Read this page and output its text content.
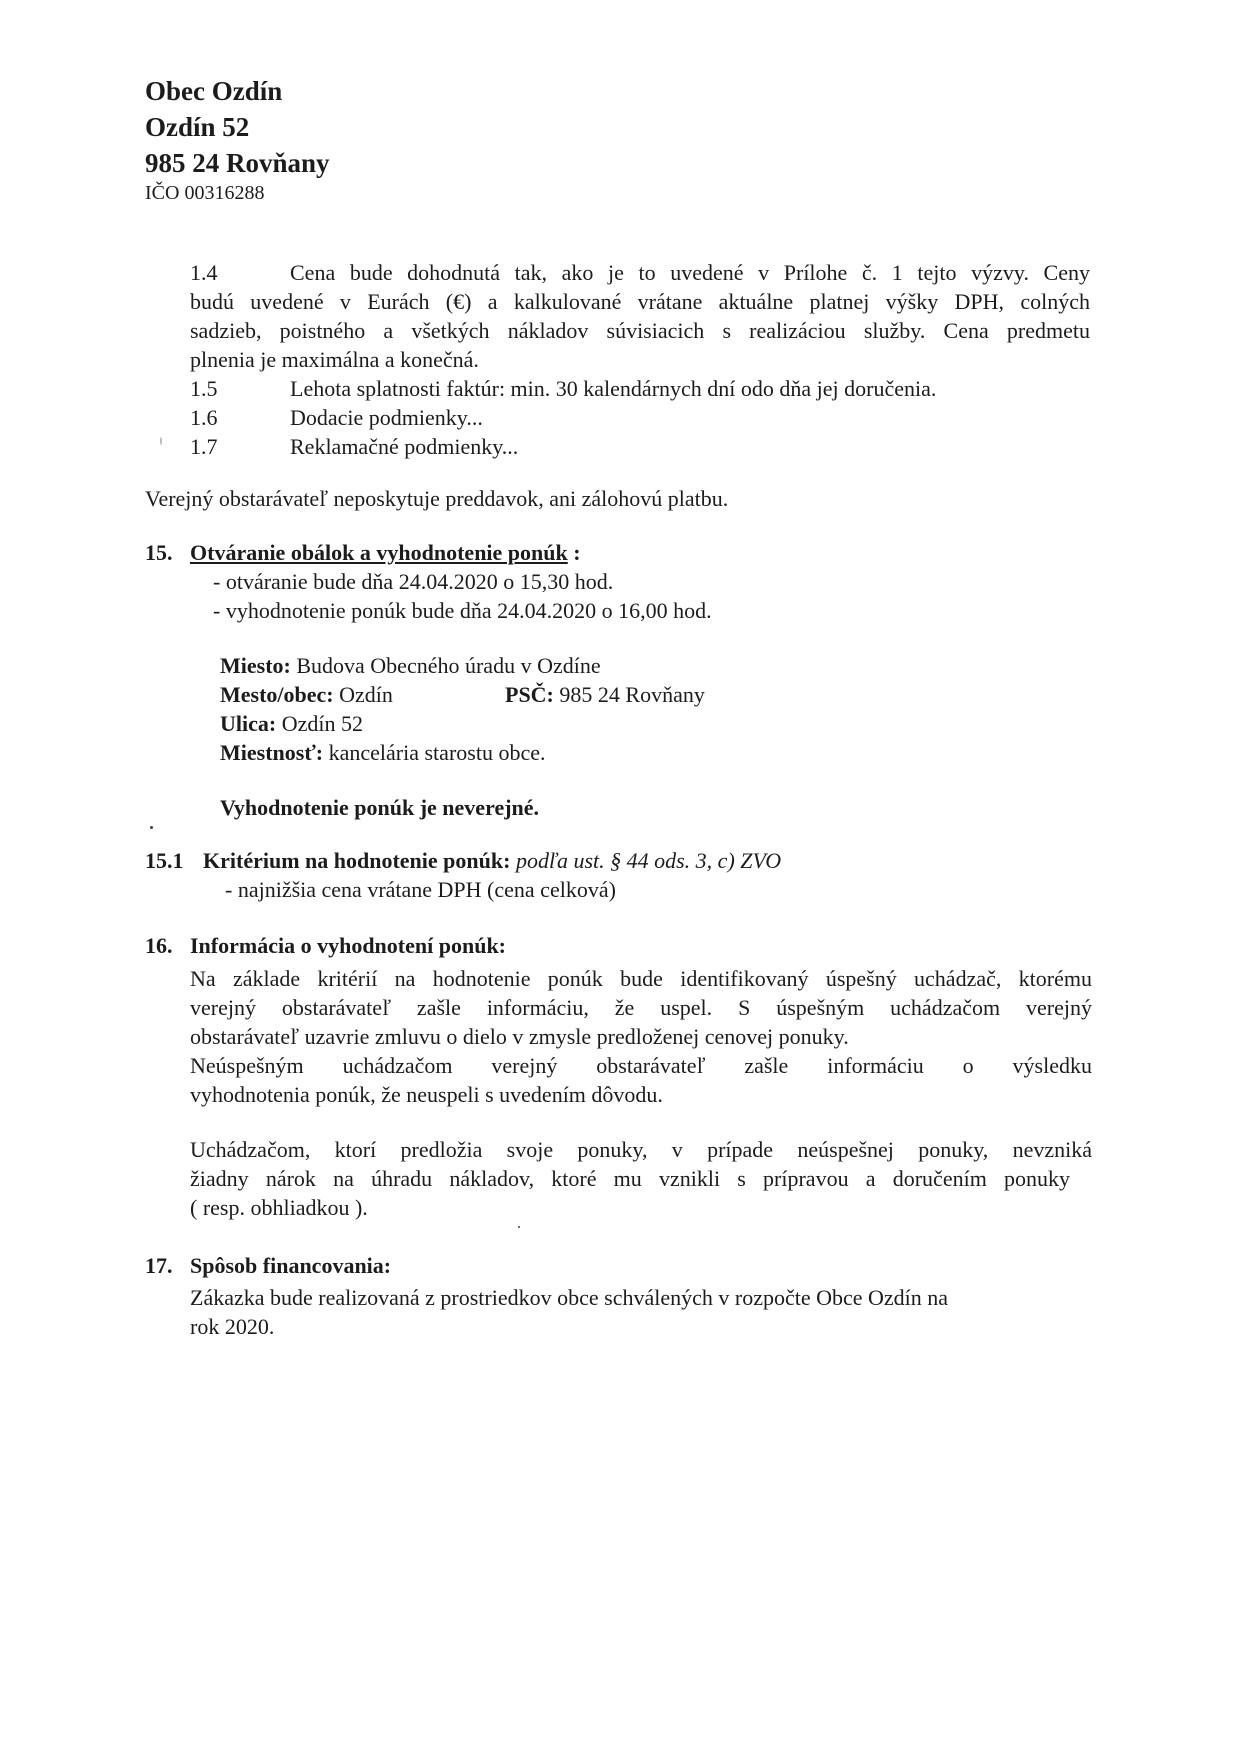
Obec Ozdín
Ozdín 52
985 24 Rovňany
IČO 00316288
1.4	Cena bude dohodnutá tak, ako je to uvedené v Prílohe č. 1 tejto výzvy. Ceny
budú uvedené v Eurách (€) a kalkulované vrátane aktuálne platnej výšky DPH, colných
sadzieb, poistného a všetkých nákladov súvisiacich s realizáciou služby. Cena predmetu
plnenia je maximálna a konečná.
1.5	Lehota splatnosti faktúr: min. 30 kalendárnych dní odo dňa jej doručenia.
1.6	Dodacie podmienky...
1.7	Reklamačné podmienky...
Verejný obstarávateľ neposkytuje preddavok, ani zálohovú platbu.
15. Otváranie obálok a vyhodnotenie ponúk :
- otváranie bude dňa 24.04.2020 o 15,30 hod.
- vyhodnotenie ponúk bude dňa 24.04.2020 o 16,00 hod.
Miesto: Budova Obecného úradu v Ozdíne
Mesto/obec: Ozdín	PSČ: 985 24 Rovňany
Ulica: Ozdín 52
Miestnosť: kancelária starostu obce.
Vyhodnotenie ponúk je neverejné.
15.1 Kritérium na hodnotenie ponúk: podľa ust. § 44 ods. 3, c) ZVO
- najnižšia cena vrátane DPH (cena celková)
16. Informácia o vyhodnotení ponúk:
Na základe kritérií na hodnotenie ponúk bude identifikovaný úspešný uchádzač, ktorému
verejný obstarávateľ zašle informáciu, že uspel. S úspešným uchádzačom verejný
obstarávateľ uzavrie zmluvu o dielo v zmysle predloženej cenovej ponuky.
Neúspešným uchádzačom verejný obstarávateľ zašle informáciu o výsledku
vyhodnotenia ponúk, že neuspeli s uvedením dôvodu.
Uchádzačom, ktorí predložia svoje ponuky, v prípade neúspešnej ponuky, nevzniká
žiadny nárok na úhradu nákladov, ktoré mu vznikli s prípravou a doručením ponuky
( resp. obhliadkou ).
17. Spôsob financovania:
Zákazka bude realizovaná z prostriedkov obce schválených v rozpočte Obce Ozdín na
rok 2020.
